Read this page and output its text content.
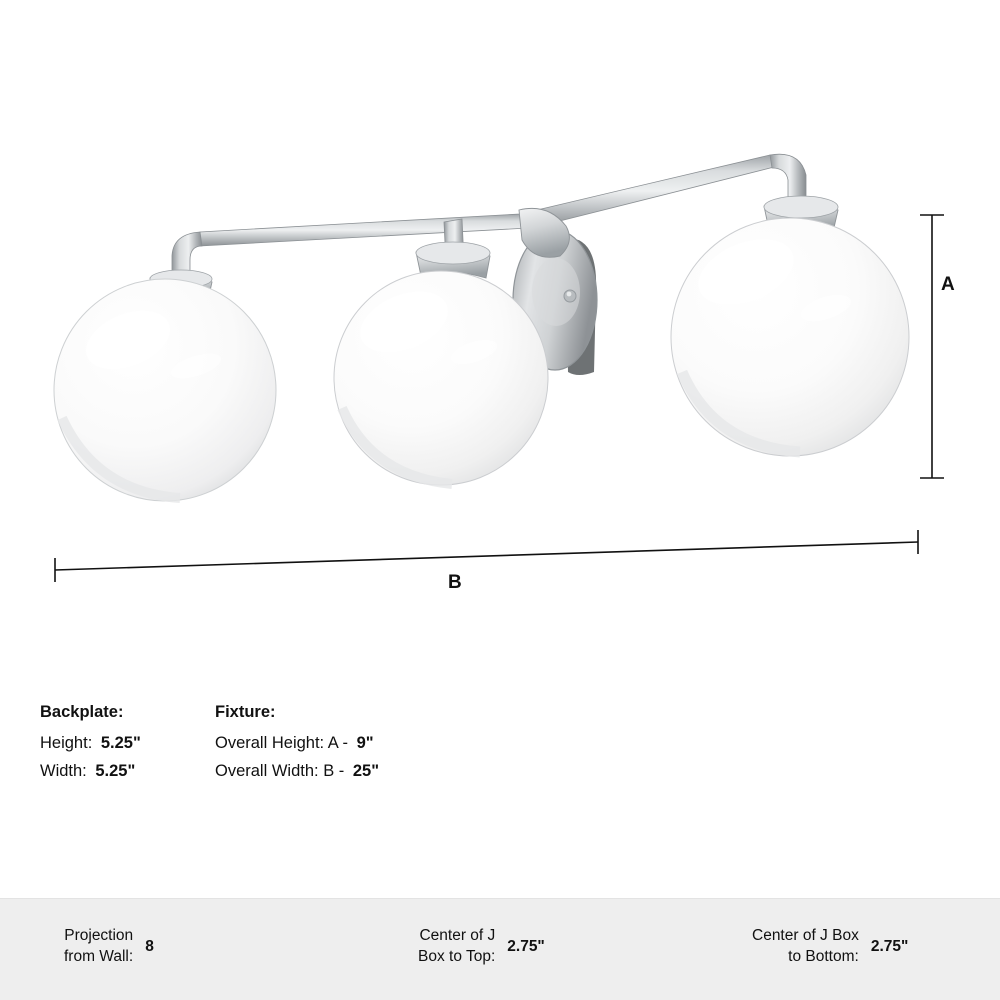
A
B
Backplate:
Height: 5.25"
Width: 5.25"
Fixture:
Overall Height: A - 9"
Overall Width: B - 25"
Projection
from Wall:
8
Center of J
Box to Top:
2.75"
Center of J Box
to Bottom:
2.75"
